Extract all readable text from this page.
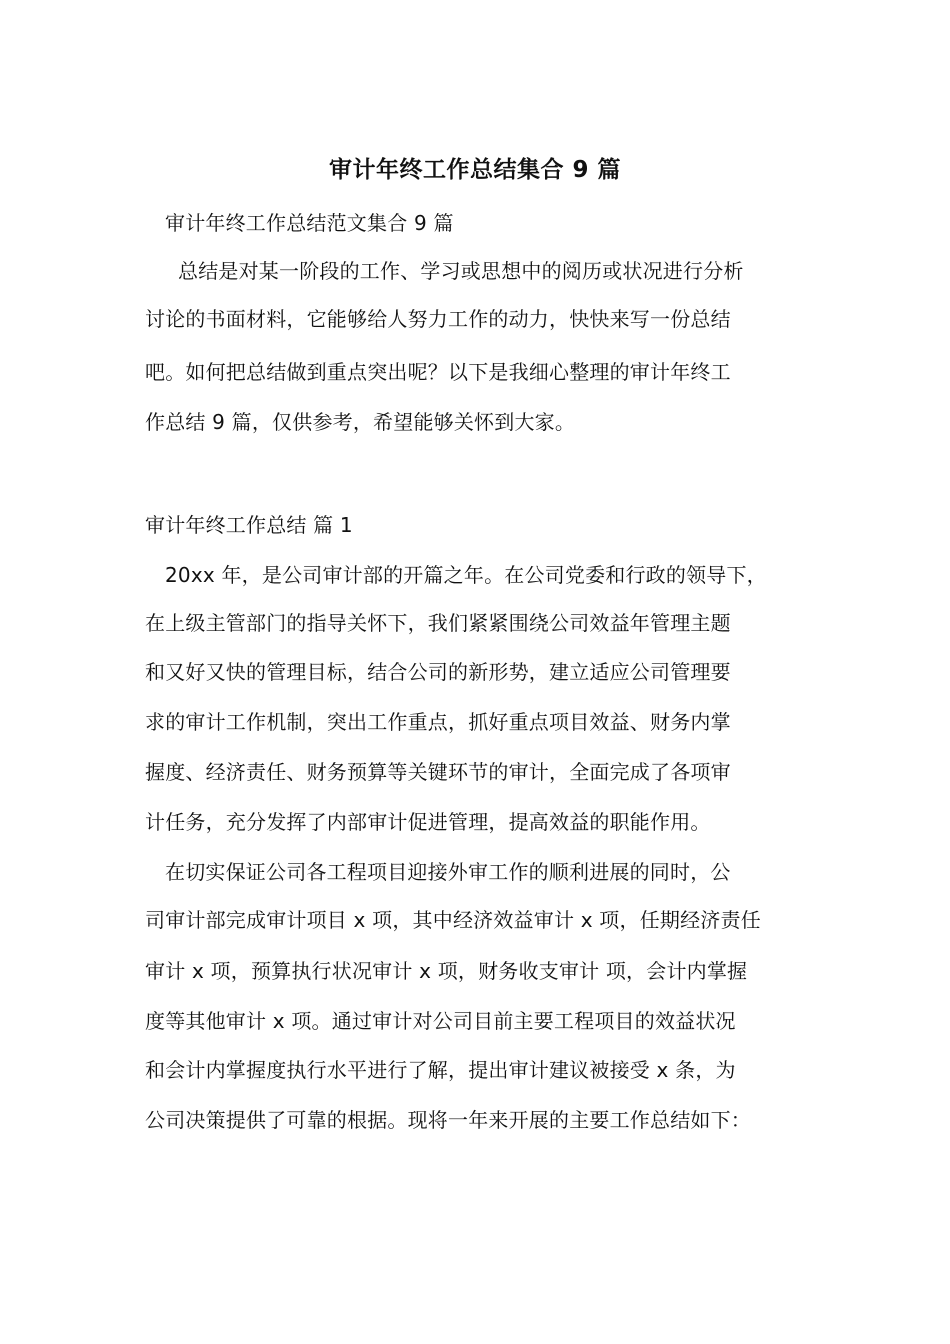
审计年终工作总结集合 9 篇
审计年终工作总结范文集合 9 篇
总结是对某一阶段的工作、学习或思想中的阅历或状况进行分析
讨论的书面材料，它能够给人努力工作的动力，快快来写一份总结
吧。如何把总结做到重点突出呢？以下是我细心整理的审计年终工
作总结 9 篇，仅供参考，希望能够关怀到大家。
审计年终工作总结 篇 1
20xx 年，是公司审计部的开篇之年。在公司党委和行政的领导下，
在上级主管部门的指导关怀下，我们紧紧围绕公司效益年管理主题
和又好又快的管理目标，结合公司的新形势，建立适应公司管理要
求的审计工作机制，突出工作重点，抓好重点项目效益、财务内掌
握度、经济责任、财务预算等关键环节的审计，全面完成了各项审
计任务，充分发挥了内部审计促进管理，提高效益的职能作用。
在切实保证公司各工程项目迎接外审工作的顺利进展的同时，公
司审计部完成审计项目 x 项，其中经济效益审计 x 项，任期经济责任
审计 x 项，预算执行状况审计 x 项，财务收支审计 项，会计内掌握
度等其他审计 x 项。通过审计对公司目前主要工程项目的效益状况
和会计内掌握度执行水平进行了解，提出审计建议被接受 x 条，为
公司决策提供了可靠的根据。现将一年来开展的主要工作总结如下：
